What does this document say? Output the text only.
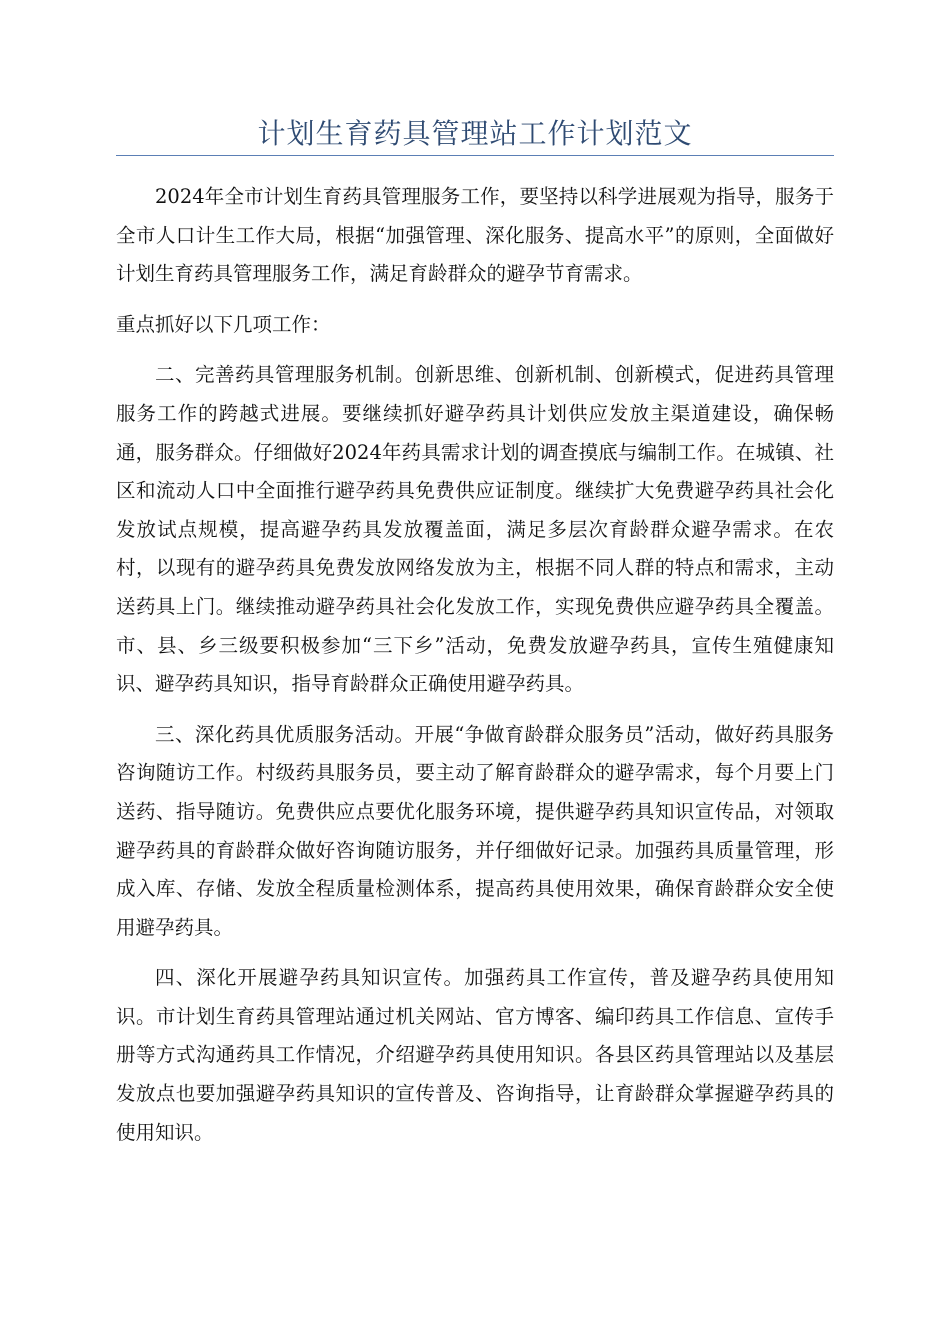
计划生育药具管理站工作计划范文

2024年全市计划生育药具管理服务工作，要坚持以科学进展观为指导，服务于全市人口计生工作大局，根据“加强管理、深化服务、提高水平”的原则，全面做好计划生育药具管理服务工作，满足育龄群众的避孕节育需求。

重点抓好以下几项工作：

二、完善药具管理服务机制。创新思维、创新机制、创新模式，促进药具管理服务工作的跨越式进展。要继续抓好避孕药具计划供应发放主渠道建设，确保畅通，服务群众。仔细做好2024年药具需求计划的调查摸底与编制工作。在城镇、社区和流动人口中全面推行避孕药具免费供应证制度。继续扩大免费避孕药具社会化发放试点规模，提高避孕药具发放覆盖面，满足多层次育龄群众避孕需求。在农村，以现有的避孕药具免费发放网络发放为主，根据不同人群的特点和需求，主动送药具上门。继续推动避孕药具社会化发放工作，实现免费供应避孕药具全覆盖。市、县、乡三级要积极参加“三下乡”活动，免费发放避孕药具，宣传生殖健康知识、避孕药具知识，指导育龄群众正确使用避孕药具。

三、深化药具优质服务活动。开展“争做育龄群众服务员”活动，做好药具服务咨询随访工作。村级药具服务员，要主动了解育龄群众的避孕需求，每个月要上门送药、指导随访。免费供应点要优化服务环境，提供避孕药具知识宣传品，对领取避孕药具的育龄群众做好咨询随访服务，并仔细做好记录。加强药具质量管理，形成入库、存储、发放全程质量检测体系，提高药具使用效果，确保育龄群众安全使用避孕药具。

四、深化开展避孕药具知识宣传。加强药具工作宣传，普及避孕药具使用知识。市计划生育药具管理站通过机关网站、官方博客、编印药具工作信息、宣传手册等方式沟通药具工作情况，介绍避孕药具使用知识。各县区药具管理站以及基层发放点也要加强避孕药具知识的宣传普及、咨询指导，让育龄群众掌握避孕药具的使用知识。
